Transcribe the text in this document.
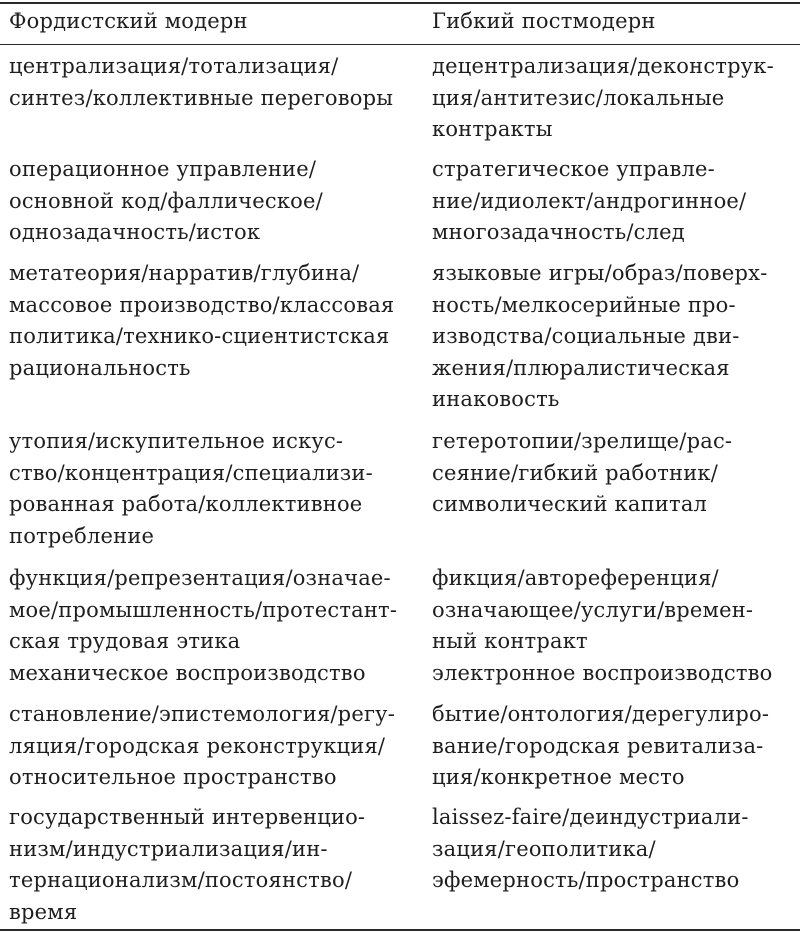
Фордистский модерн	Гибкий постмодерн

централизация/тотализация/
синтез/коллективные переговоры

децентрализация/деконструк-
ция/антитезис/локальные
контракты

операционное управление/
основной код/фаллическое/
однозадачность/исток

стратегическое управле-
ние/идиолект/андрогинное/
многозадачность/след

метатеория/нарратив/глубина/
массовое производство/классовая
политика/технико-сциентистская
рациональность

языковые игры/образ/поверх-
ность/мелкосерийные про-
изводства/социальные дви-
жения/плюралистическая
инаковость

утопия/искупительное искус-
ство/концентрация/специализи-
рованная работа/коллективное
потребление

гетеротопии/зрелище/рас-
сеяние/гибкий работник/
символический капитал

функция/репрезентация/означае-
мое/промышленность/протестант-
ская трудовая этика
механическое воспроизводство

фикция/автореференция/
означающее/услуги/времен-
ный контракт
электронное воспроизводство

становление/эпистемология/регу-
ляция/городская реконструкция/
относительное пространство

бытие/онтология/дерегулиро-
вание/городская ревитализа-
ция/конкретное место

государственный интервенцио-
низм/индустриализация/ин-
тернационализм/постоянство/
время

laissez-faire/деиндустриали-
зация/геополитика/
эфемерность/пространство
